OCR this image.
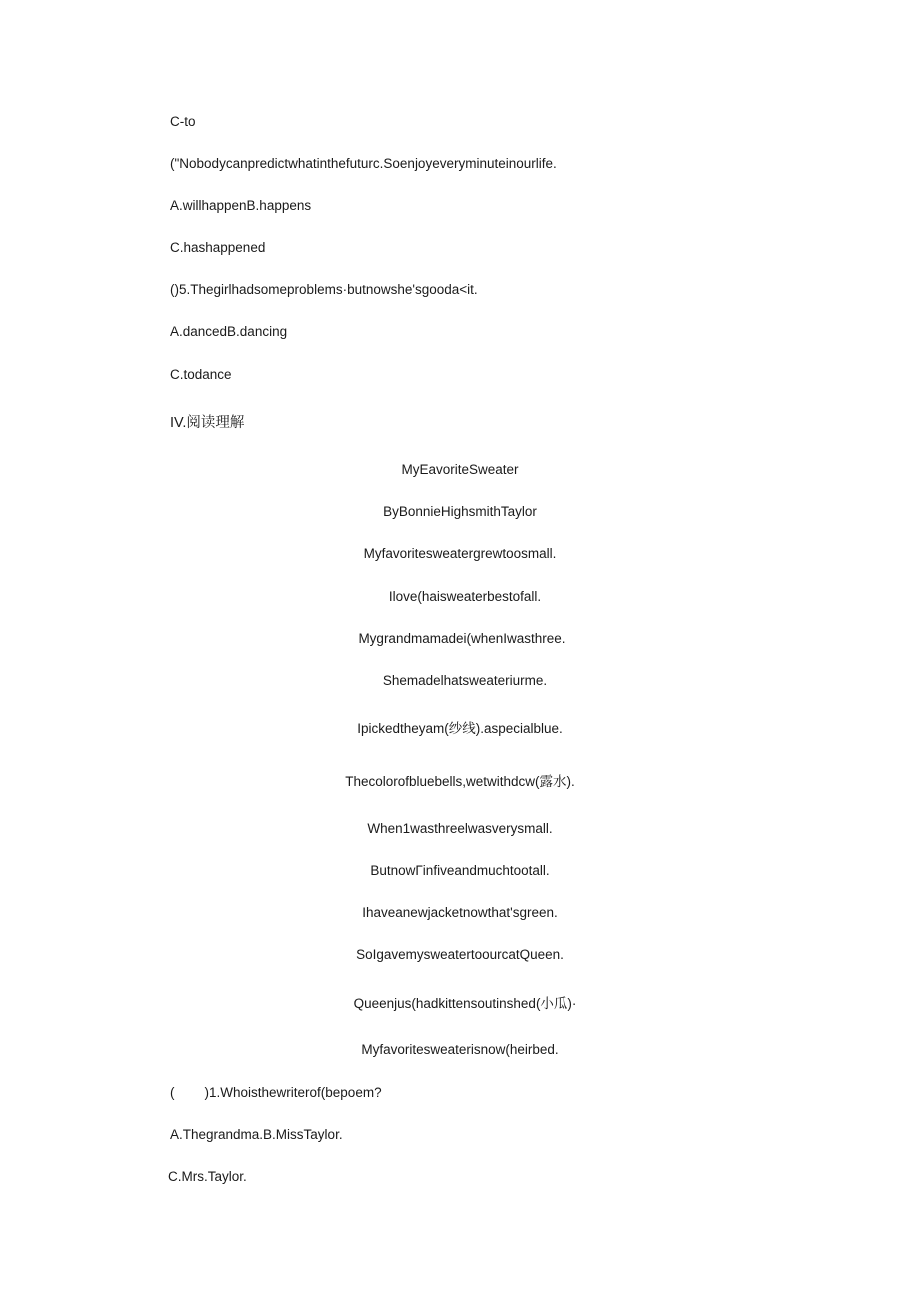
C-to
("Nobodycanpredictwhatinthefuturc.Soenjoyeveryminuteinourlife.
A.willhappenB.happens
C.hashappened
()5.Thegirlhadsomeproblems·butnowshe'sgooda<it.
A.dancedB.dancing
C.todance
IV.阅读理解
MyEavoriteSweater
ByBonnieHighsmithTaylor
Myfavoritesweatergrewtoosmall.
Ilove(haisweaterbestofall.
Mygrandmamadei(whenIwasthree.
Shemadelhatsweateriurme.
Ipickedtheyam(纱线).aspecialblue.
Thecolorofbluebells,wetwithdcw(露水).
When1wasthreelwasverysmall.
ButnowΓinfiveandmuchtootall.
Ihaveanewjacketnowthat'sgreen.
SoIgavemysweatertoourcatQueen.
Queenjus(hadkittensoutinshed(小瓜)·
Myfavoritesweaterisnow(heirbed.
(        )1.Whoisthewriterof(bepoem?
A.Thegrandma.B.MissTaylor.
C.Mrs.Taylor.
